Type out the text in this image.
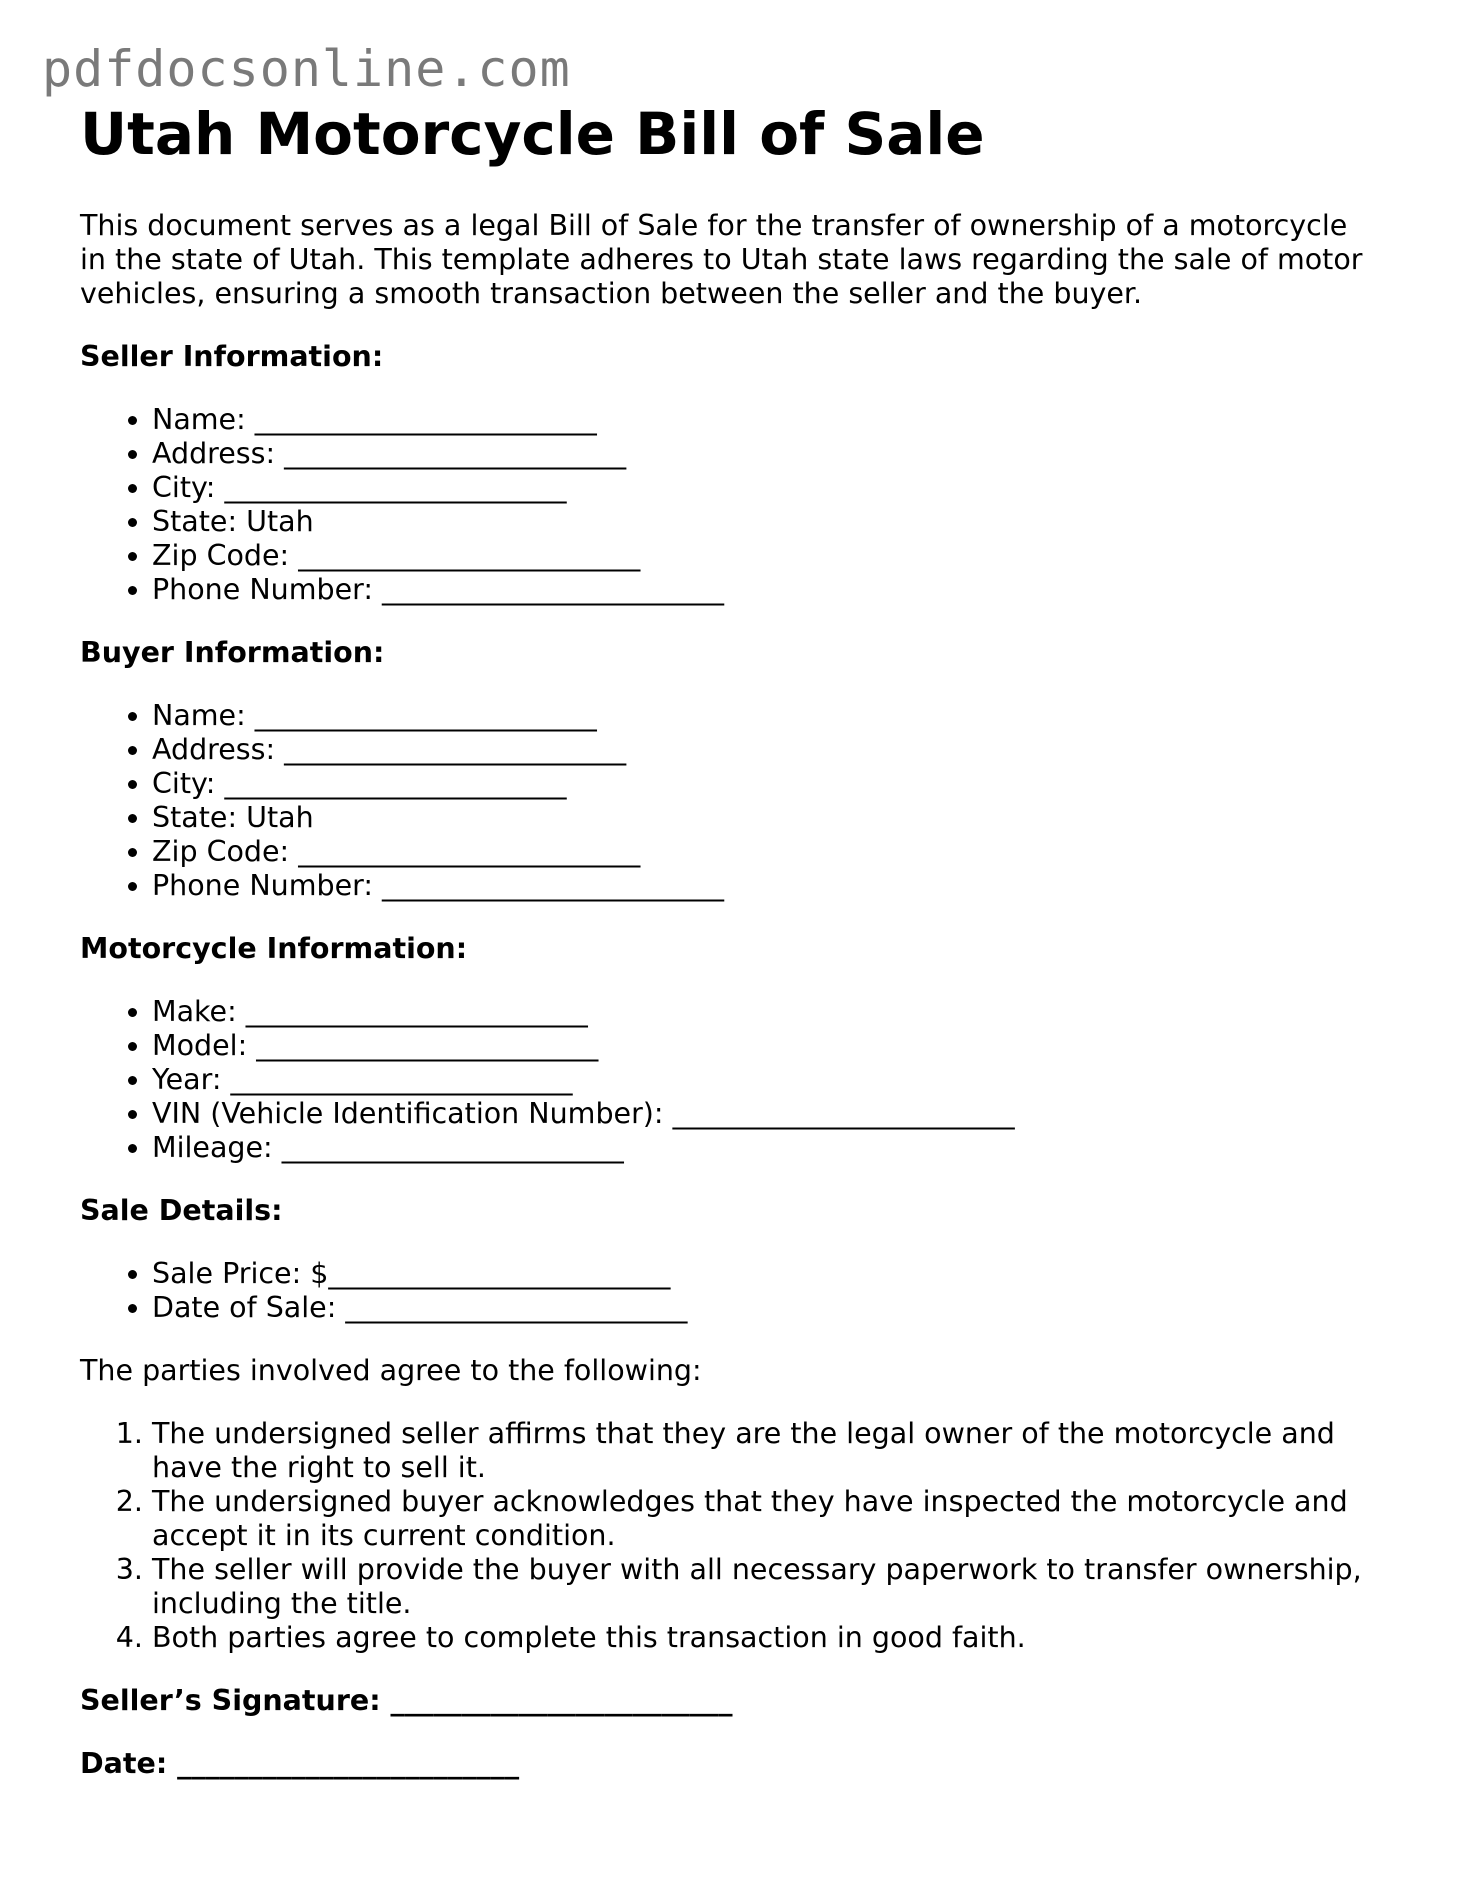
pdfdocsonline.com
Utah Motorcycle Bill of Sale

This document serves as a legal Bill of Sale for the transfer of ownership of a motorcycle in the state of Utah. This template adheres to Utah state laws regarding the sale of motor vehicles, ensuring a smooth transaction between the seller and the buyer.

Seller Information:

• Name: ________________________
• Address: ________________________
• City: ________________________
• State: Utah
• Zip Code: ________________________
• Phone Number: ________________________

Buyer Information:

• Name: ________________________
• Address: ________________________
• City: ________________________
• State: Utah
• Zip Code: ________________________
• Phone Number: ________________________

Motorcycle Information:

• Make: ________________________
• Model: ________________________
• Year: ________________________
• VIN (Vehicle Identification Number): ________________________
• Mileage: ________________________

Sale Details:

• Sale Price: $________________________
• Date of Sale: ________________________

The parties involved agree to the following:

1. The undersigned seller affirms that they are the legal owner of the motorcycle and have the right to sell it.
2. The undersigned buyer acknowledges that they have inspected the motorcycle and accept it in its current condition.
3. The seller will provide the buyer with all necessary paperwork to transfer ownership, including the title.
4. Both parties agree to complete this transaction in good faith.

Seller’s Signature: ________________________

Date: ________________________
